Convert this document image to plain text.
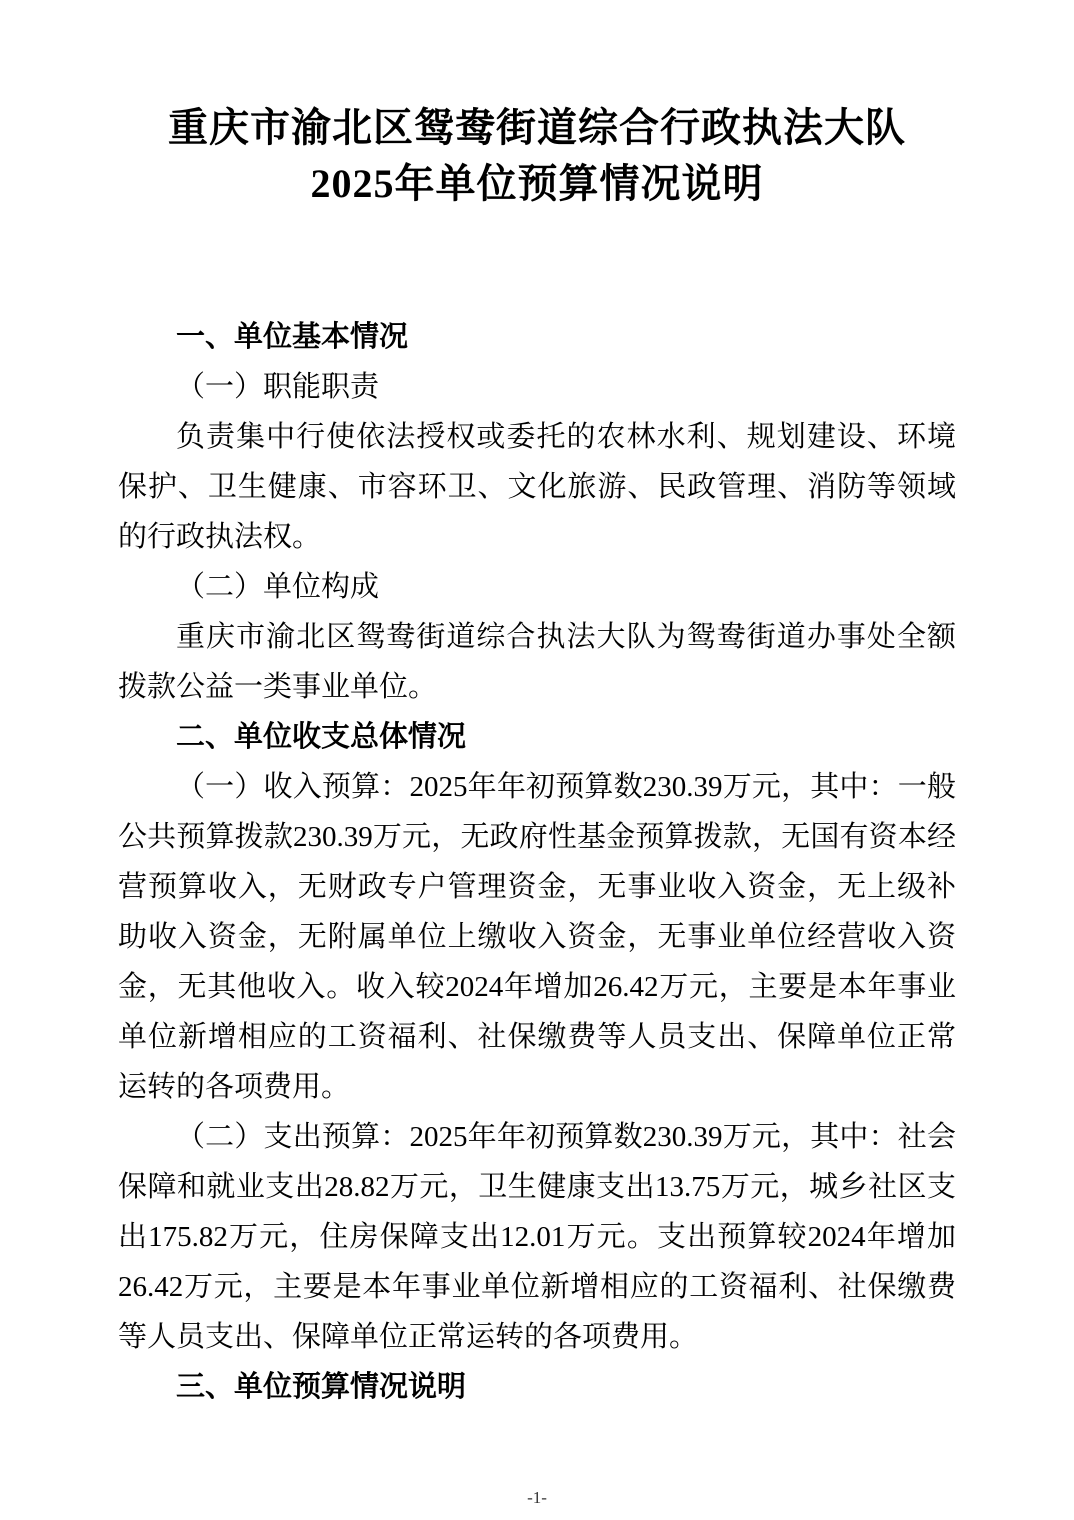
重庆市渝北区鸳鸯街道综合行政执法大队
2025年单位预算情况说明
一、单位基本情况
（一）职能职责
负责集中行使依法授权或委托的农林水利、规划建设、环境保护、卫生健康、市容环卫、文化旅游、民政管理、消防等领域的行政执法权。
（二）单位构成
重庆市渝北区鸳鸯街道综合执法大队为鸳鸯街道办事处全额拨款公益一类事业单位。
二、单位收支总体情况
（一）收入预算：2025年年初预算数230.39万元，其中：一般公共预算拨款230.39万元，无政府性基金预算拨款，无国有资本经营预算收入，无财政专户管理资金，无事业收入资金，无上级补助收入资金，无附属单位上缴收入资金，无事业单位经营收入资金，无其他收入。收入较2024年增加26.42万元，主要是本年事业单位新增相应的工资福利、社保缴费等人员支出、保障单位正常运转的各项费用。
（二）支出预算：2025年年初预算数230.39万元，其中：社会保障和就业支出28.82万元，卫生健康支出13.75万元，城乡社区支出175.82万元，住房保障支出12.01万元。支出预算较2024年增加26.42万元，主要是本年事业单位新增相应的工资福利、社保缴费等人员支出、保障单位正常运转的各项费用。
三、单位预算情况说明
-1-
